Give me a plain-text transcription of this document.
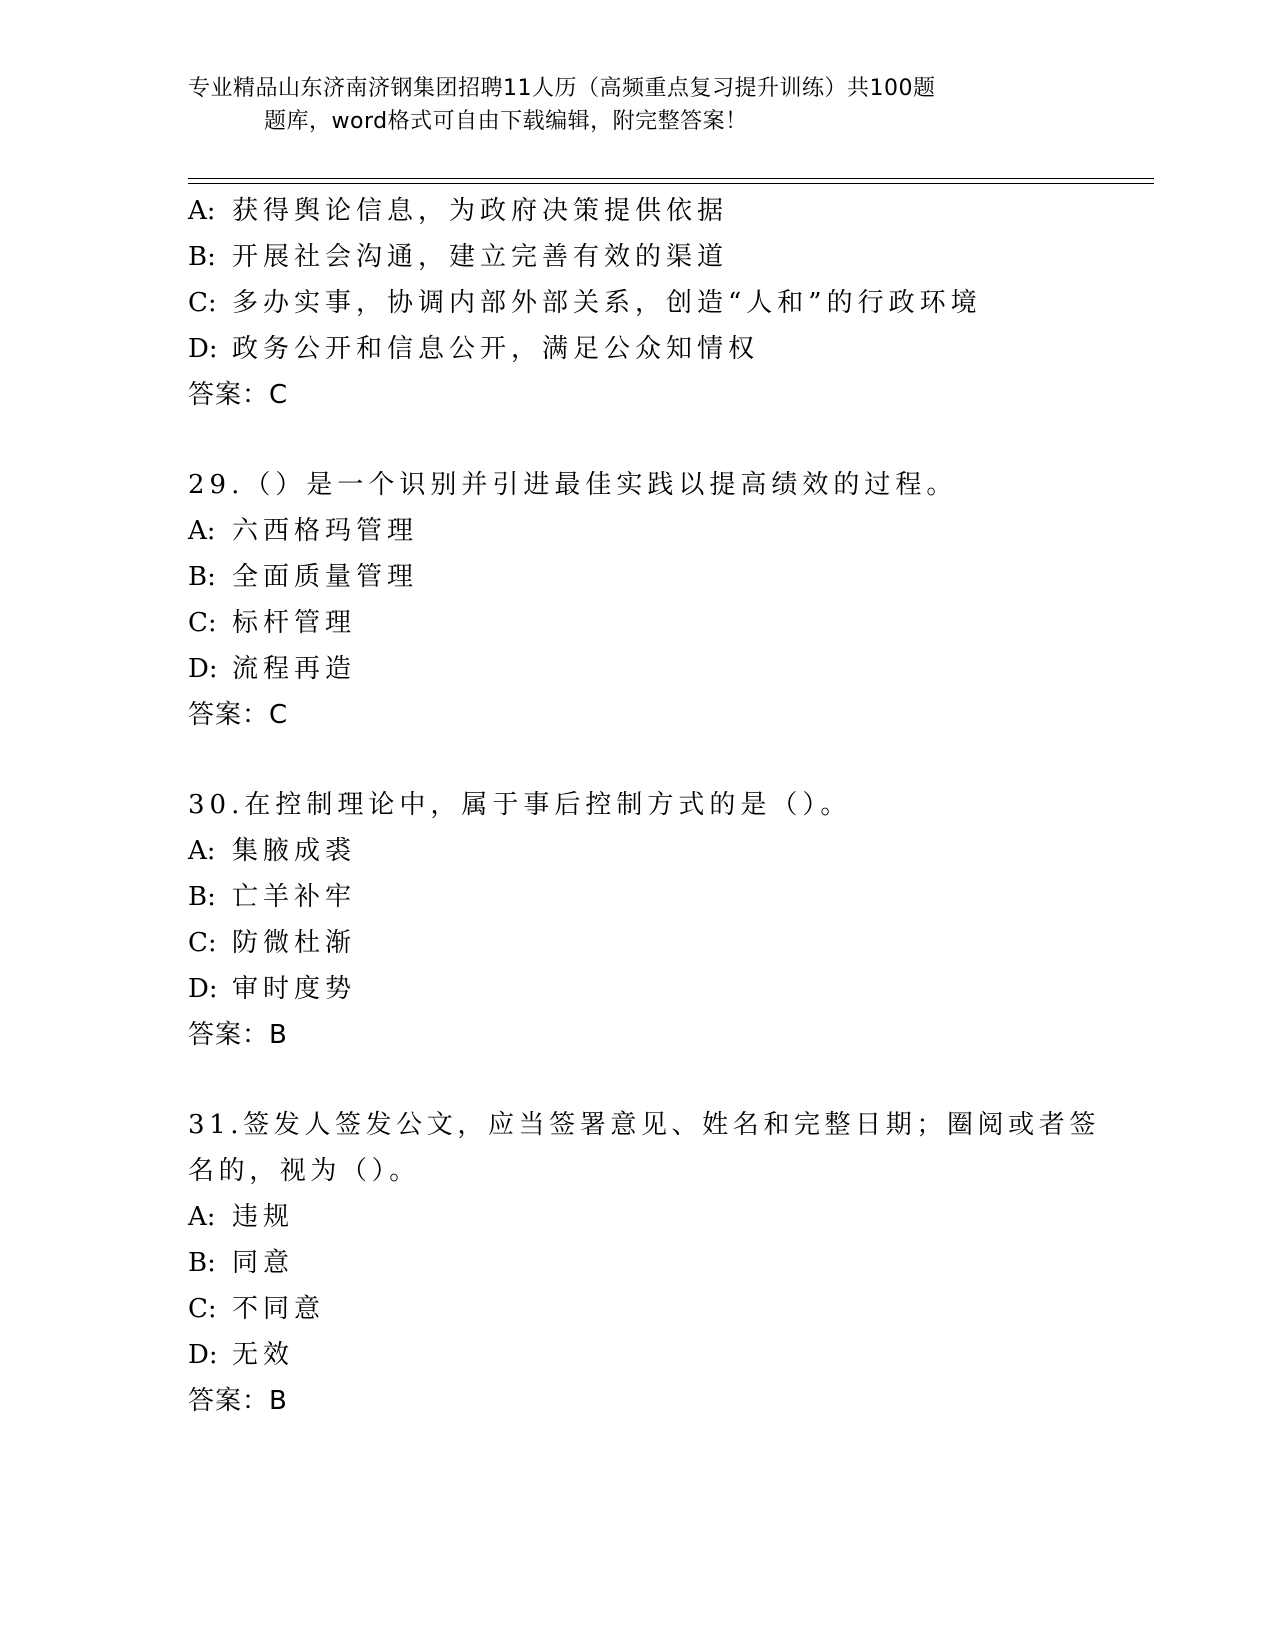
专业精品山东济南济钢集团招聘11人历（高频重点复习提升训练）共100题
题库，word格式可自由下载编辑，附完整答案！
A: 获得舆论信息，为政府决策提供依据
B: 开展社会沟通，建立完善有效的渠道
C: 多办实事，协调内部外部关系，创造“人和”的行政环境
D: 政务公开和信息公开，满足公众知情权
答案：C
29.（）是一个识别并引进最佳实践以提高绩效的过程。
A: 六西格玛管理
B: 全面质量管理
C: 标杆管理
D: 流程再造
答案：C
30.在控制理论中，属于事后控制方式的是（）。
A: 集腋成裘
B: 亡羊补牢
C: 防微杜渐
D: 审时度势
答案：B
31.签发人签发公文，应当签署意见、姓名和完整日期；圈阅或者签名的，视为（）。
A: 违规
B: 同意
C: 不同意
D: 无效
答案：B
